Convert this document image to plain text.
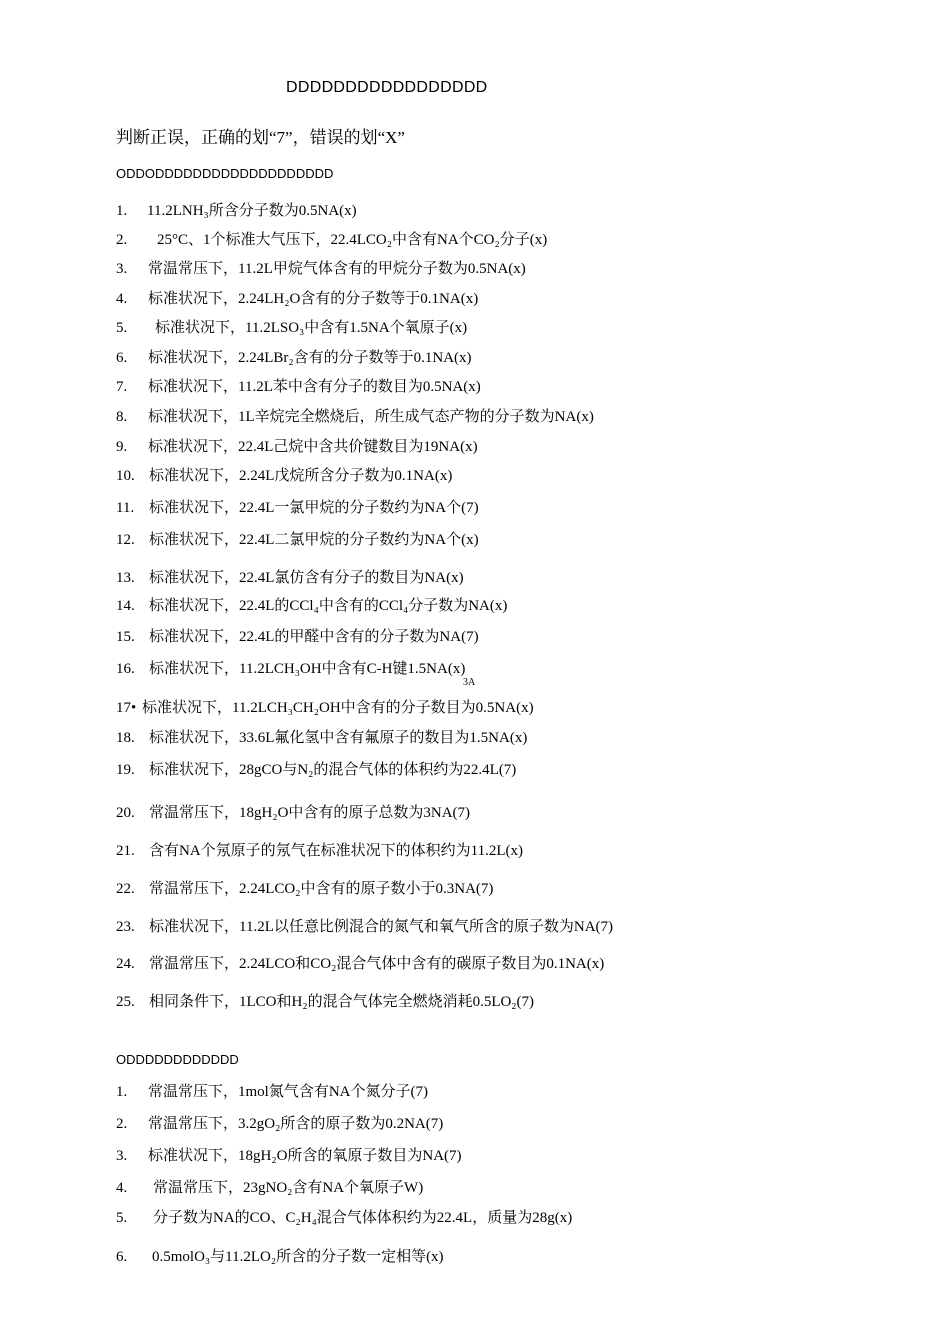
DDDDDDDDDDDDDDDDD
判断正误，正确的划“7”，错误的划“X”
ODDODDDDDDDDDDDDDDDDDDD
1. 11.2LNH₃所含分子数为0.5NA(x)
2. 25°C、1个标准大气压下，22.4LCO₂中含有NA个CO₂分子(x)
3. 常温常压下，11.2L甲烷气体含有的甲烷分子数为0.5NA(x)
4. 标准状况下，2.24LH₂O含有的分子数等于0.1NA(x)
5. 标准状况下，11.2LSO₃中含有1.5NA个氧原子(x)
6. 标准状况下，2.24LBr₂含有的分子数等于0.1NA(x)
7. 标准状况下，11.2L苯中含有分子的数目为0.5NA(x)
8. 标准状况下，1L辛烷完全燃烧后，所生成气态产物的分子数为NA(x)
9. 标准状况下，22.4L己烷中含共价键数目为19NA(x)
10. 标准状况下，2.24L戊烷所含分子数为0.1NA(x)
11. 标准状况下，22.4L一氯甲烷的分子数约为NA个(7)
12. 标准状况下，22.4L二氯甲烷的分子数约为NA个(x)
13. 标准状况下，22.4L氯仿含有分子的数目为NA(x)
14. 标准状况下，22.4L的CCl₄中含有的CCl₄分子数为NA(x)
15. 标准状况下，22.4L的甲醛中含有的分子数为NA(7)
16. 标准状况下，11.2LCH₃OH中含有C-H键1.5NA(x)
17• 标准状况下，11.2LCH₃CH₂OH中含有的分子数目为0.5NA(x)
18. 标准状况下，33.6L氟化氢中含有氟原子的数目为1.5NA(x)
19. 标准状况下，28gCO与N₂的混合气体的体积约为22.4L(7)
20. 常温常压下，18gH₂O中含有的原子总数为3NA(7)
21. 含有NA个氖原子的氖气在标准状况下的体积约为11.2L(x)
22. 常温常压下，2.24LCO₂中含有的原子数小于0.3NA(7)
23. 标准状况下，11.2L以任意比例混合的氮气和氧气所含的原子数为NA(7)
24. 常温常压下，2.24LCO和CO₂混合气体中含有的碳原子数目为0.1NA(x)
25. 相同条件下，1LCO和H₂的混合气体完全燃烧消耗0.5LO₂(7)
3A
ODDDDDDDDDDDD
1. 常温常压下，1mol氮气含有NA个氮分子(7)
2. 常温常压下，3.2gO₂所含的原子数为0.2NA(7)
3. 标准状况下，18gH₂O所含的氧原子数目为NA(7)
4. 常温常压下，23gNO₂含有NA个氧原子W)
5. 分子数为NA的CO、C₂H₄混合气体体积约为22.4L，质量为28g(x)
6. 0.5molO₃与11.2LO₂所含的分子数一定相等(x)
